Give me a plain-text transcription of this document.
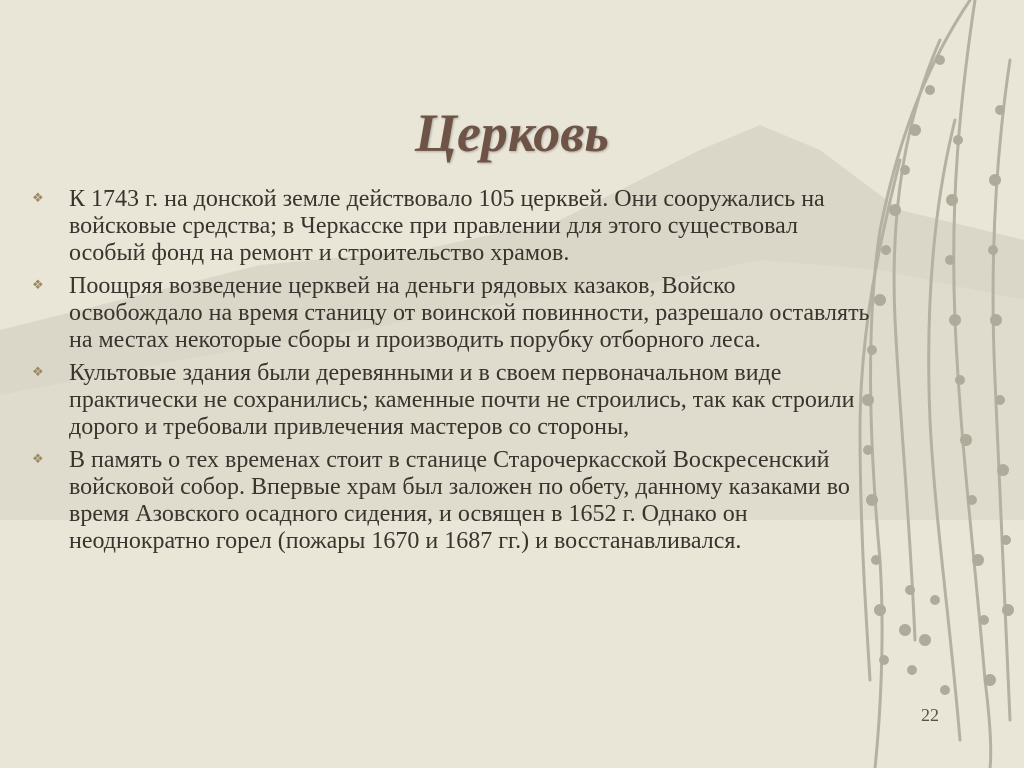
Церковь
❖ К 1743 г. на донской земле действовало 105 церквей. Они сооружались на войсковые средства; в Черкасске при правлении для этого существовал особый фонд на ремонт и строительство храмов.
❖ Поощряя возведение церквей на деньги рядовых казаков, Войско освобождало на время станицу от воинской повинности, разрешало оставлять на местах некоторые сборы и производить порубку отборного леса.
❖ Культовые здания были деревянными и в своем первоначальном виде практически не сохранились; каменные почти не строились, так как строили дорого и требовали привлечения мастеров со стороны,
❖ В память о тех временах стоит в станице Старочеркасской Воскресенский войсковой собор. Впервые храм был заложен по обету, данному казаками во время Азовского осадного сидения, и освящен в 1652 г. Однако он неоднократно горел (пожары 1670 и 1687 гг.) и восстанавливался.
22
